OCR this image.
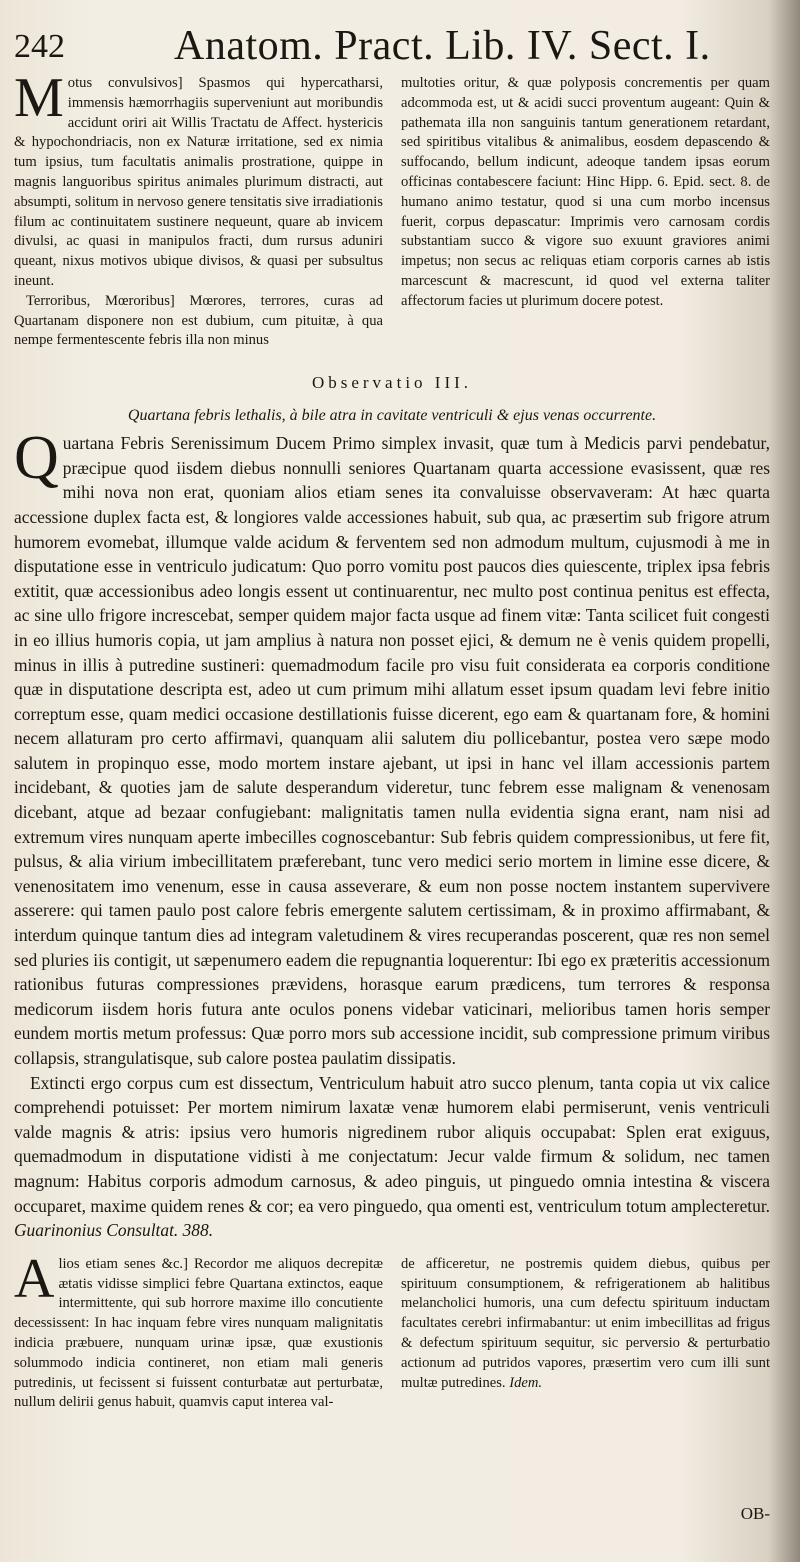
242	Anatom. Pract. Lib. IV. Sect. I.
M otus convulsivos] Spasmos qui hypercatharsi, immensis hæmorrhagiis superveniunt aut moribundis accidunt oriri ait Willis Tractatu de Affect. hystericis & hypochondriacis, non ex Naturæ irritatione, sed ex nimia tum ipsius, tum facultatis animalis prostratione, quippe in magnis languoribus spiritus animales plurimum distracti, aut absumpti, solitum in nervoso genere tensitatis sive irradiationis filum ac continuitatem sustinere nequeunt, quare ab invicem divulsi, ac quasi in manipulos fracti, dum rursus aduniri queant, nixus motivos ubique divisos, & quasi per subsultus ineunt.
Terroribus, Mœroribus] Mœrores, terrores, curas ad Quartanam disponere non est dubium, cum pituitæ, à qua nempe fermentescente febris illa non minus
multoties oritur, & quæ polyposis concrementis per quam adcommoda est, ut & acidi succi proventum augeant: Quin & pathemata illa non sanguinis tantum generationem retardant, sed spiritibus vitalibus & animalibus, eosdem depascendo & suffocando, bellum indicunt, adeoque tandem ipsas eorum officinas contabescere faciunt: Hinc Hipp. 6. Epid. sect. 8. de humano animo testatur, quod si una cum morbo incensus fuerit, corpus depascatur: Imprimis vero carnosam cordis substantiam succo & vigore suo exuunt graviores animi impetus; non secus ac reliquas etiam corporis carnes ab istis marcescunt & macrescunt, id quod vel externa taliter affectorum facies ut plurimum docere potest.
Observatio III.
Quartana febris lethalis, à bile atra in cavitate ventriculi & ejus venas occurrente.

Q uartana Febris Serenissimum Ducem Primo simplex invasit, quæ tum à Medicis parvi pendebatur, præcipue quod iisdem diebus nonnulli seniores Quartanam quarta accessione evasissent, quæ res mihi nova non erat, quoniam alios etiam senes ita convaluisse observaveram: At hæc quarta accessione duplex facta est, & longiores valde accessiones habuit, sub qua, ac præsertim sub frigore atrum humorem evomebat, illumque valde acidum & ferventem sed non admodum multum, cujusmodi à me in disputatione esse in ventriculo judicatum: Quo porro vomitu post paucos dies quiescente, triplex ipsa febris extitit, quæ accessionibus adeo longis essent ut continuarentur, nec multo post continua penitus est effecta, ac sine ullo frigore increscebat, semper quidem major facta usque ad finem vitæ: Tanta scilicet fuit congesti in eo illius humoris copia, ut jam amplius à natura non posset ejici, & demum ne è venis quidem propelli, minus in illis à putredine sustineri: quemadmodum facile pro visu fuit considerata ea corporis conditione quæ in disputatione descripta est, adeo ut cum primum mihi allatum esset ipsum quadam levi febre initio correptum esse, quam medici occasione destillationis fuisse dicerent, ego eam & quartanam fore, & homini necem allaturam pro certo affirmavi, quanquam alii salutem diu pollicebantur, postea vero sæpe modo salutem in propinquo esse, modo mortem instare ajebant, ut ipsi in hanc vel illam accessionis partem incidebant, & quoties jam de salute desperandum videretur, tunc febrem esse malignam & venenosam dicebant, atque ad bezaar confugiebant: malignitatis tamen nulla evidentia signa erant, nam nisi ad extremum vires nunquam aperte imbecilles cognoscebantur: Sub febris quidem compressionibus, ut fere fit, pulsus, & alia virium imbecillitatem præferebant, tunc vero medici serio mortem in limine esse dicere, & venenositatem imo venenum, esse in causa asseverare, & eum non posse noctem instantem supervivere asserere: qui tamen paulo post calore febris emergente salutem certissimam, & in proximo affirmabant, & interdum quinque tantum dies ad integram valetudinem & vires recuperandas poscerent, quæ res non semel sed pluries iis contigit, ut sæpenumero eadem die repugnantia loquerentur: Ibi ego ex præteritis accessionum rationibus futuras compressiones prævidens, horasque earum prædicens, tum terrores & responsa medicorum iisdem horis futura ante oculos ponens videbar vaticinari, melioribus tamen horis semper eundem mortis metum professus: Quæ porro mors sub accessione incidit, sub compressione primum viribus collapsis, strangulatisque, sub calore postea paulatim dissipatis.

Extincti ergo corpus cum est dissectum, Ventriculum habuit atro succo plenum, tanta copia ut vix calice comprehendi potuisset: Per mortem nimirum laxatæ venæ humorem elabi permiserunt, venis ventriculi valde magnis & atris: ipsius vero humoris nigredinem rubor aliquis occupabat: Splen erat exiguus, quemadmodum in disputatione vidisti à me conjectatum: Jecur valde firmum & solidum, nec tamen magnum: Habitus corporis admodum carnosus, & adeo pinguis, ut pinguedo omnia intestina & viscera occuparet, maxime quidem renes & cor; ea vero pinguedo, qua omenti est, ventriculum totum amplecteretur. Guarinonius Consultat. 388.

A lios etiam senes &c.] Recordor me aliquos decrepitæ ætatis vidisse simplici febre Quartana extinctos, eaque intermittente, qui sub horrore maxime illo concutiente decessissent: In hac inquam febre vires nunquam malignitatis indicia præbuere, nunquam urinæ ipsæ, quæ exustionis solummodo indicia contineret, non etiam mali generis putredinis, ut fecissent si fuissent conturbatæ aut perturbatæ, nullum delirii genus habuit, quamvis caput interea val-
de afficeretur, ne postremis quidem diebus, quibus per spirituum consumptionem, & refrigerationem ab halitibus melancholici humoris, una cum defectu spirituum inductam facultates cerebri infirmabantur: ut enim imbecillitas ad frigus & defectum spirituum sequitur, sic perversio & perturbatio actionum ad putridos vapores, præsertim vero cum illi sunt multæ putredines. Idem.
OB-
